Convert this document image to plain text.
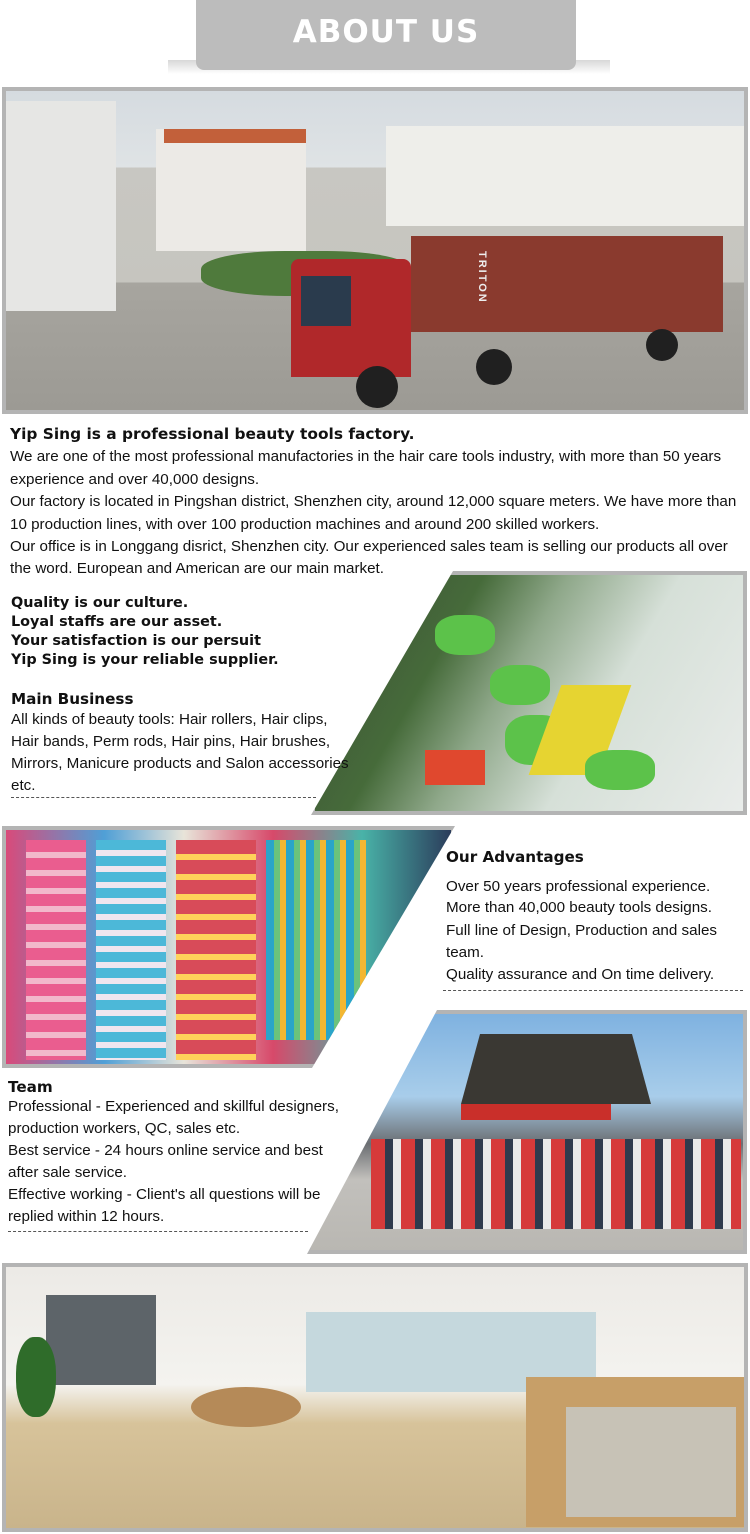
ABOUT US
TRITON

Yip Sing is a professional beauty tools factory.

We are one of the most professional manufactories in the hair care tools industry, with more than 50 years experience and over 40,000 designs.

Our factory is located in Pingshan district, Shenzhen city, around 12,000 square meters. We have more than 10 production lines, with over 100 production machines and around 200 skilled workers.

Our office is in Longgang disrict, Shenzhen city. Our experienced sales team is selling our products all over the word. European and American are our main market.

Quality is our culture.
Loyal staffs are our asset.
Your satisfaction is our persuit
Yip Sing is your reliable supplier.
Main Business
All kinds of beauty tools: Hair rollers, Hair clips, Hair bands, Perm rods, Hair pins, Hair brushes, Mirrors, Manicure products and Salon accessories etc.
Our Advantages
Over 50 years professional experience.
More than 40,000 beauty tools designs.
Full line of Design, Production and sales team.
Quality assurance and On time delivery.
Team
Professional - Experienced and skillful designers, production workers, QC, sales etc.
Best service - 24 hours online service and best after sale service.
Effective working - Client's all questions will be replied within 12 hours.
